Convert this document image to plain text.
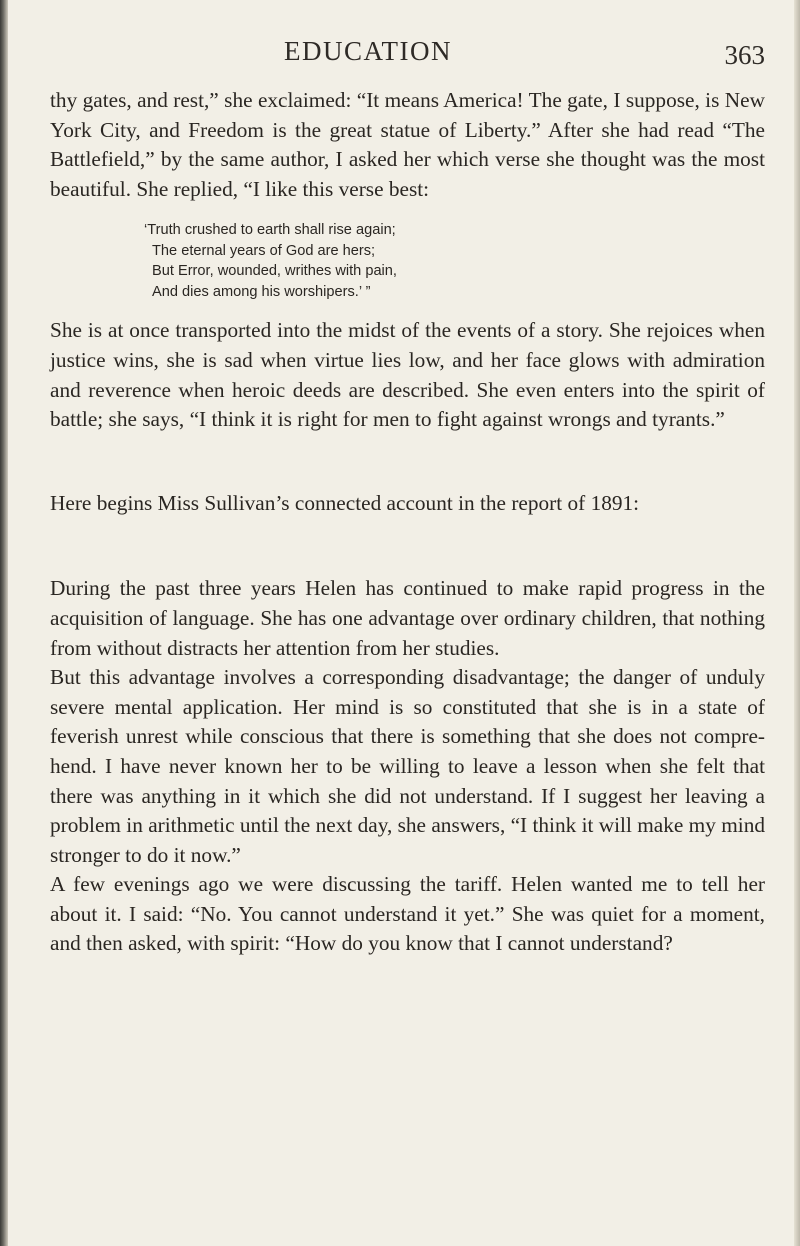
EDUCATION	363

thy gates, and rest,” she exclaimed: “It means America! The gate, I suppose, is New York City, and Freedom is the great statue of Liberty.” After she had read “The Battlefield,” by the same author, I asked her which verse she thought was the most beautiful. She replied, “I like this verse best:

‘Truth crushed to earth shall rise again;
The eternal years of God are hers;
But Error, wounded, writhes with pain,
And dies among his worshipers.’ ”

She is at once transported into the midst of the events of a story. She rejoices when justice wins, she is sad when virtue lies low, and her face glows with admiration and reverence when heroic deeds are described. She even enters into the spirit of battle; she says, “I think it is right for men to fight against wrongs and tyrants.”

Here begins Miss Sullivan’s connected account in the report of 1891:

During the past three years Helen has continued to make rapid progress in the acquisition of language. She has one advantage over ordinary children, that nothing from without distracts her attention from her studies.

But this advantage involves a corresponding disadvantage; the danger of unduly severe mental application. Her mind is so constituted that she is in a state of feverish unrest while conscious that there is something that she does not compre-hend. I have never known her to be willing to leave a lesson when she felt that there was anything in it which she did not understand. If I suggest her leaving a problem in arithmetic until the next day, she answers, “I think it will make my mind stronger to do it now.”

A few evenings ago we were discussing the tariff. Helen wanted me to tell her about it. I said: “No. You cannot understand it yet.” She was quiet for a moment, and then asked, with spirit: “How do you know that I cannot understand?
